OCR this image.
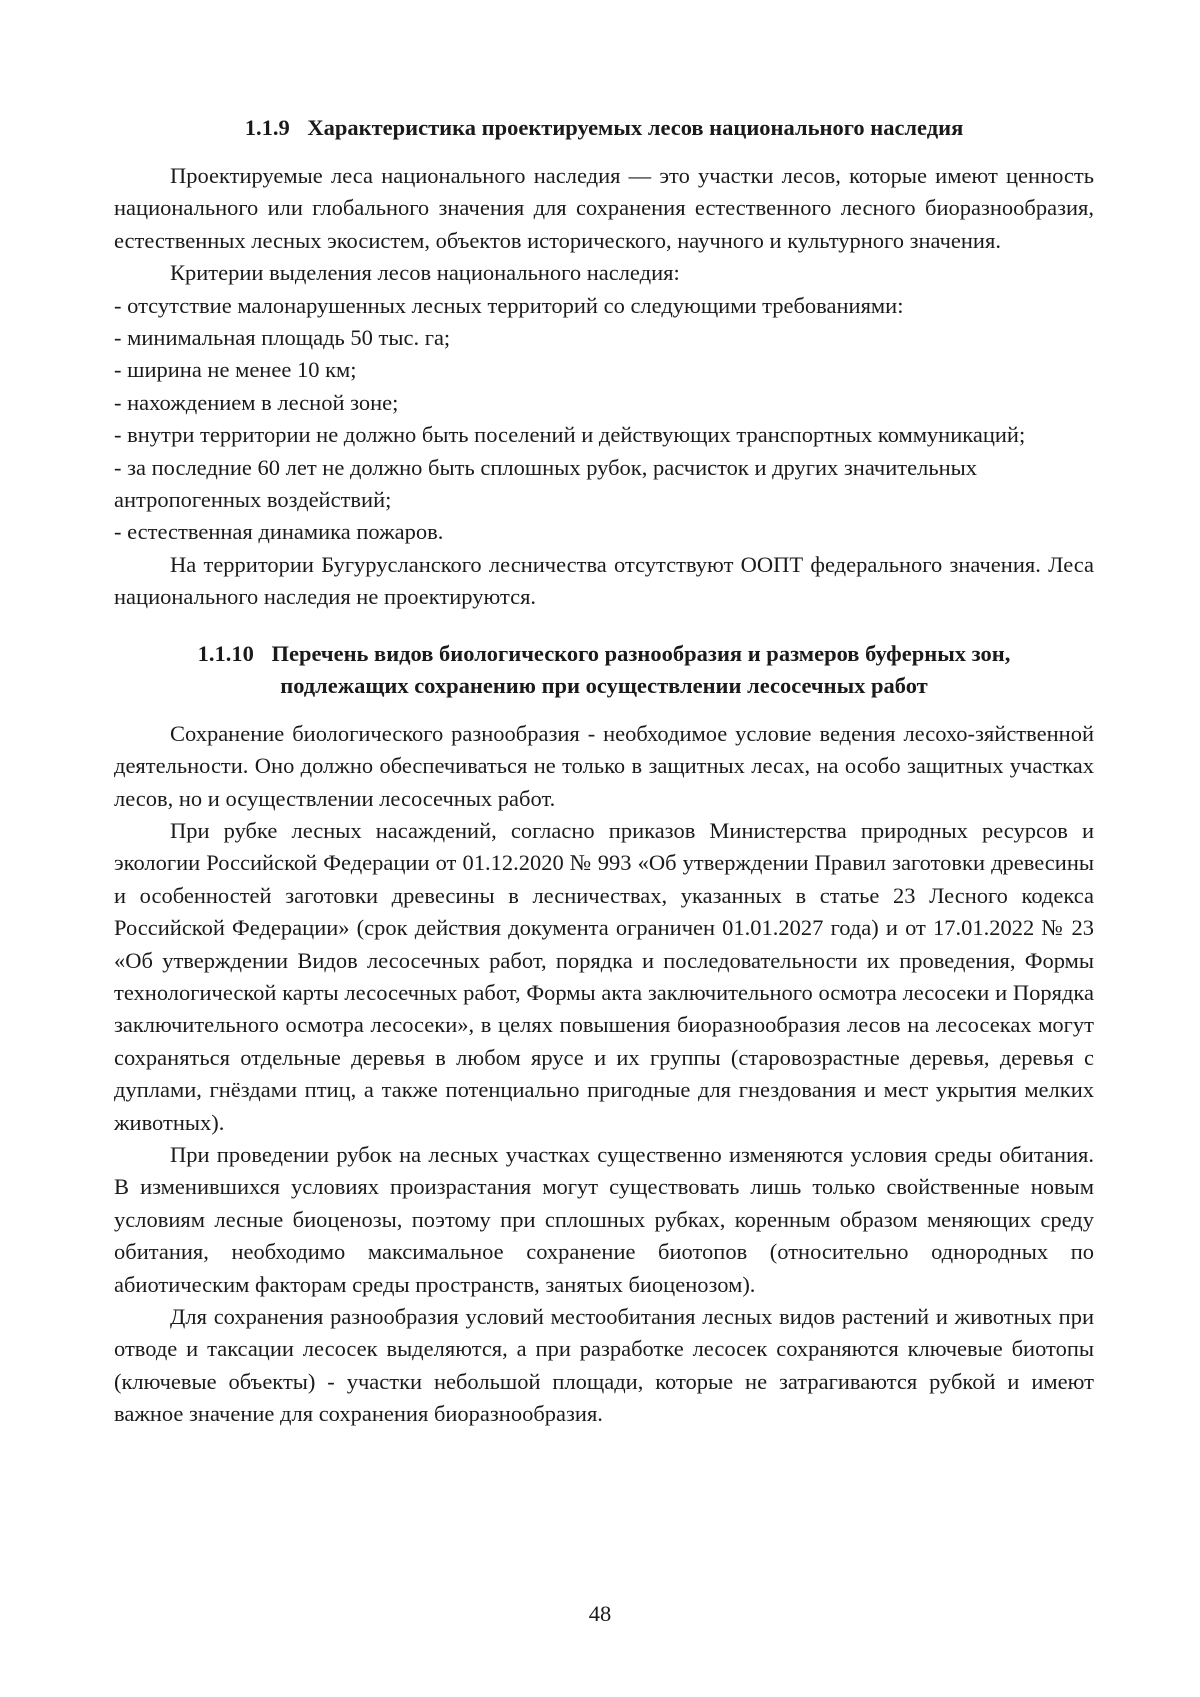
1.1.9 Характеристика проектируемых лесов национального наследия

Проектируемые леса национального наследия — это участки лесов, которые имеют ценность национального или глобального значения для сохранения естественного лесного биоразнообразия, естественных лесных экосистем, объектов исторического, научного и культурного значения.

Критерии выделения лесов национального наследия:

- отсутствие малонарушенных лесных территорий со следующими требованиями:

- минимальная площадь 50 тыс. га;

- ширина не менее 10 км;

- нахождением в лесной зоне;

- внутри территории не должно быть поселений и действующих транспортных коммуникаций;

- за последние 60 лет не должно быть сплошных рубок, расчисток и других значительных антропогенных воздействий;

- естественная динамика пожаров.

На территории Бугурусланского лесничества отсутствуют ООПТ федерального значения. Леса национального наследия не проектируются.

1.1.10 Перечень видов биологического разнообразия и размеров буферных зон,
подлежащих сохранению при осуществлении лесосечных работ

Сохранение биологического разнообразия - необходимое условие ведения лесохо-зяйственной деятельности. Оно должно обеспечиваться не только в защитных лесах, на особо защитных участках лесов, но и осуществлении лесосечных работ.

При рубке лесных насаждений, согласно приказов Министерства природных ресурсов и экологии Российской Федерации от 01.12.2020 № 993 «Об утверждении Правил заготовки древесины и особенностей заготовки древесины в лесничествах, указанных в статье 23 Лесного кодекса Российской Федерации» (срок действия документа ограничен 01.01.2027 года) и от 17.01.2022 № 23 «Об утверждении Видов лесосечных работ, порядка и последовательности их проведения, Формы технологической карты лесосечных работ, Формы акта заключительного осмотра лесосеки и Порядка заключительного осмотра лесосеки», в целях повышения биоразнообразия лесов на лесосеках могут сохраняться отдельные деревья в любом ярусе и их группы (старовозрастные деревья, деревья с дуплами, гнёздами птиц, а также потенциально пригодные для гнездования и мест укрытия мелких животных).

При проведении рубок на лесных участках существенно изменяются условия среды обитания. В изменившихся условиях произрастания могут существовать лишь только свойственные новым условиям лесные биоценозы, поэтому при сплошных рубках, коренным образом меняющих среду обитания, необходимо максимальное сохранение биотопов (относительно однородных по абиотическим факторам среды пространств, занятых биоценозом).

Для сохранения разнообразия условий местообитания лесных видов растений и животных при отводе и таксации лесосек выделяются, а при разработке лесосек сохраняются ключевые биотопы (ключевые объекты) - участки небольшой площади, которые не затрагиваются рубкой и имеют важное значение для сохранения биоразнообразия.

48
